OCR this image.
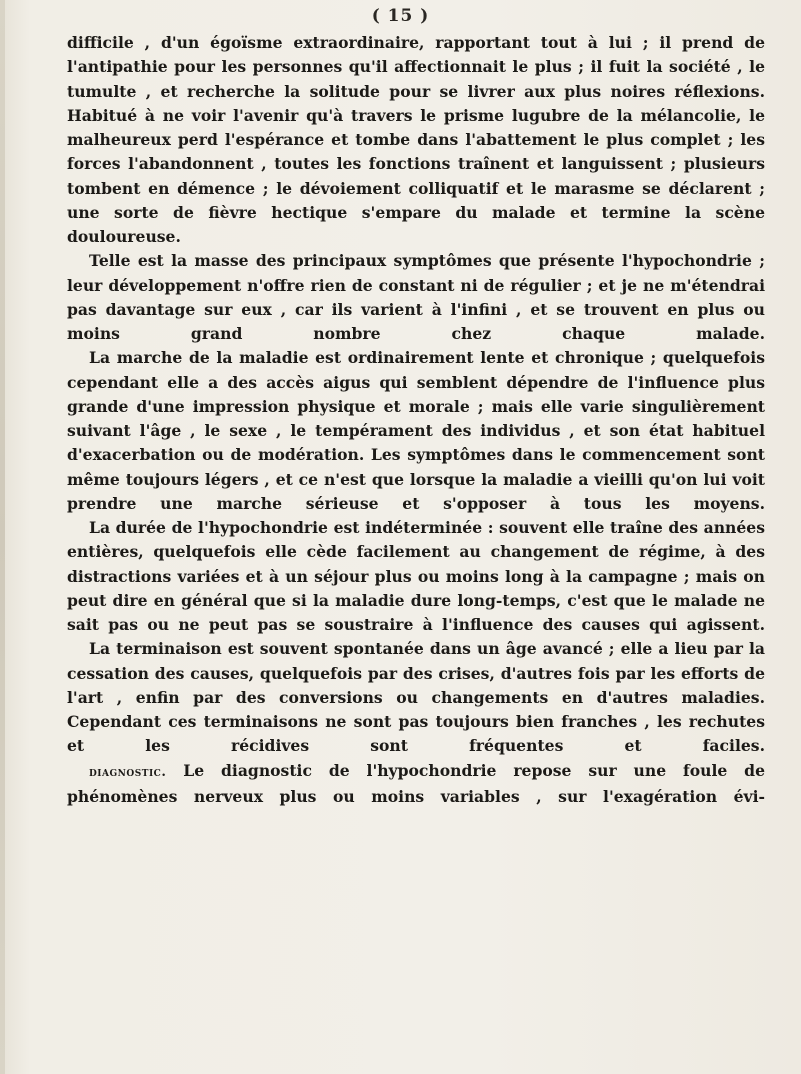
( 15 )

difficile , d'un égoïsme extraordinaire, rapportant tout à lui ; il prend de l'antipathie pour les personnes qu'il affectionnait le plus ; il fuit la société , le tumulte , et recherche la solitude pour se livrer aux plus noires réflexions. Habitué à ne voir l'avenir qu'à travers le prisme lugubre de la mélancolie, le malheureux perd l'espérance et tombe dans l'abattement le plus complet ; les forces l'abandonnent , toutes les fonctions traînent et languissent ; plusieurs tombent en démence ; le dévoiement colliquatif et le marasme se déclarent ; une sorte de fièvre hectique s'empare du malade et termine la scène douloureuse.

Telle est la masse des principaux symptômes que présente l'hypochondrie ; leur développement n'offre rien de constant ni de régulier ; et je ne m'étendrai pas davantage sur eux , car ils varient à l'infini , et se trouvent en plus ou moins grand nombre chez chaque malade.

La marche de la maladie est ordinairement lente et chronique ; quelquefois cependant elle a des accès aigus qui semblent dépendre de l'influence plus grande d'une impression physique et morale ; mais elle varie singulièrement suivant l'âge , le sexe , le tempérament des individus , et son état habituel d'exacerbation ou de modération. Les symptômes dans le commencement sont même toujours légers , et ce n'est que lorsque la maladie a vieilli qu'on lui voit prendre une marche sérieuse et s'opposer à tous les moyens.

La durée de l'hypochondrie est indéterminée : souvent elle traîne des années entières, quelquefois elle cède facilement au changement de régime, à des distractions variées et à un séjour plus ou moins long à la campagne ; mais on peut dire en général que si la maladie dure long-temps, c'est que le malade ne sait pas ou ne peut pas se soustraire à l'influence des causes qui agissent.

La terminaison est souvent spontanée dans un âge avancé ; elle a lieu par la cessation des causes, quelquefois par des crises, d'autres fois par les efforts de l'art , enfin par des conversions ou changements en d'autres maladies. Cependant ces terminaisons ne sont pas toujours bien franches , les rechutes et les récidives sont fréquentes et faciles.

diagnostic. Le diagnostic de l'hypochondrie repose sur une foule de phénomènes nerveux plus ou moins variables , sur l'exagération évi-
